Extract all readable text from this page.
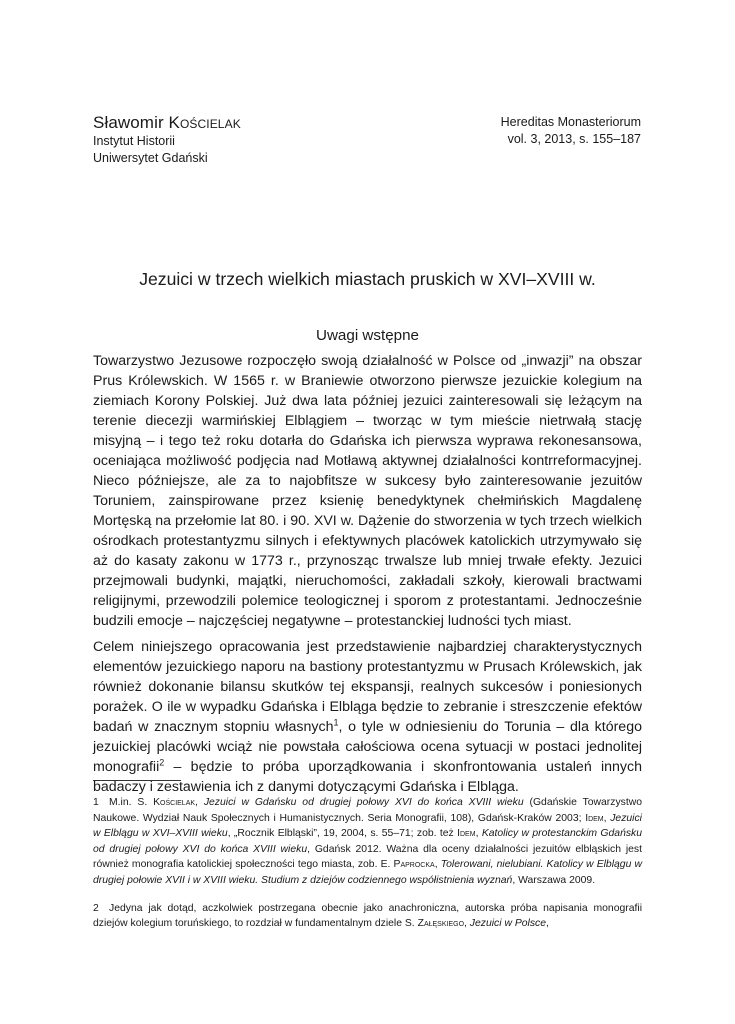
Sławomir Kościelak
Instytut Historii
Uniwersytet Gdański
Hereditas Monasteriorum
vol. 3, 2013, s. 155–187
Jezuici w trzech wielkich miastach pruskich w XVI–XVIII w.
Uwagi wstępne

Towarzystwo Jezusowe rozpoczęło swoją działalność w Polsce od „inwazji” na obszar Prus Królewskich. W 1565 r. w Braniewie otworzono pierwsze jezuickie kolegium na ziemiach Korony Polskiej. Już dwa lata później jezuici zainteresowali się leżącym na terenie diecezji warmińskiej Elblągiem – tworząc w tym mieście nietrwałą stację misyjną – i tego też roku dotarła do Gdańska ich pierwsza wyprawa rekonesansowa, oceniająca możliwość podjęcia nad Motławą aktywnej działalności kontrreformacyjnej. Nieco późniejsze, ale za to najobfitsze w sukcesy było zainteresowanie jezuitów Toruniem, zainspirowane przez ksienię benedyktynek chełmińskich Magdalenę Mortęską na przełomie lat 80. i 90. XVI w. Dążenie do stworzenia w tych trzech wielkich ośrodkach protestantyzmu silnych i efektywnych placówek katolickich utrzymywało się aż do kasaty zakonu w 1773 r., przynosząc trwalsze lub mniej trwałe efekty. Jezuici przejmowali budynki, majątki, nieruchomości, zakładali szkoły, kierowali bractwami religijnymi, przewodzili polemice teologicznej i sporom z protestantami. Jednocześnie budzili emocje – najczęściej negatywne – protestanckiej ludności tych miast.

Celem niniejszego opracowania jest przedstawienie najbardziej charakterystycznych elementów jezuickiego naporu na bastiony protestantyzmu w Prusach Królewskich, jak również dokonanie bilansu skutków tej ekspansji, realnych sukcesów i poniesionych porażek. O ile w wypadku Gdańska i Elbląga będzie to zebranie i streszczenie efektów badań w znacznym stopniu własnych$^1$, o tyle w odniesieniu do Torunia – dla którego jezuickiej placówki wciąż nie powstała całościowa ocena sytuacji w postaci jednolitej monografii$^2$ – będzie to próba uporządkowania i skonfrontowania ustaleń innych badaczy i zestawienia ich z danymi dotyczącymi Gdańska i Elbląga.

1 M.in. S. Kościelak, Jezuici w Gdańsku od drugiej połowy XVI do końca XVIII wieku (Gdańskie Towarzystwo Naukowe. Wydział Nauk Społecznych i Humanistycznych. Seria Monografii, 108), Gdańsk-Kraków 2003; Idem, Jezuici w Elblągu w XVI–XVIII wieku, „Rocznik Elbląski”, 19, 2004, s. 55–71; zob. też Idem, Katolicy w protestanckim Gdańsku od drugiej połowy XVI do końca XVIII wieku, Gdańsk 2012. Ważna dla oceny działalności jezuitów elbląskich jest również monografia katolickiej społeczności tego miasta, zob. E. Paprocka, Tolerowani, nielubiani. Katolicy w Elblągu w drugiej połowie XVII i w XVIII wieku. Studium z dziejów codziennego współistnienia wyznań, Warszawa 2009.

2 Jedyna jak dotąd, aczkolwiek postrzegana obecnie jako anachroniczna, autorska próba napisania monografii dziejów kolegium toruńskiego, to rozdział w fundamentalnym dziele S. Załęskiego, Jezuici w Polsce,
